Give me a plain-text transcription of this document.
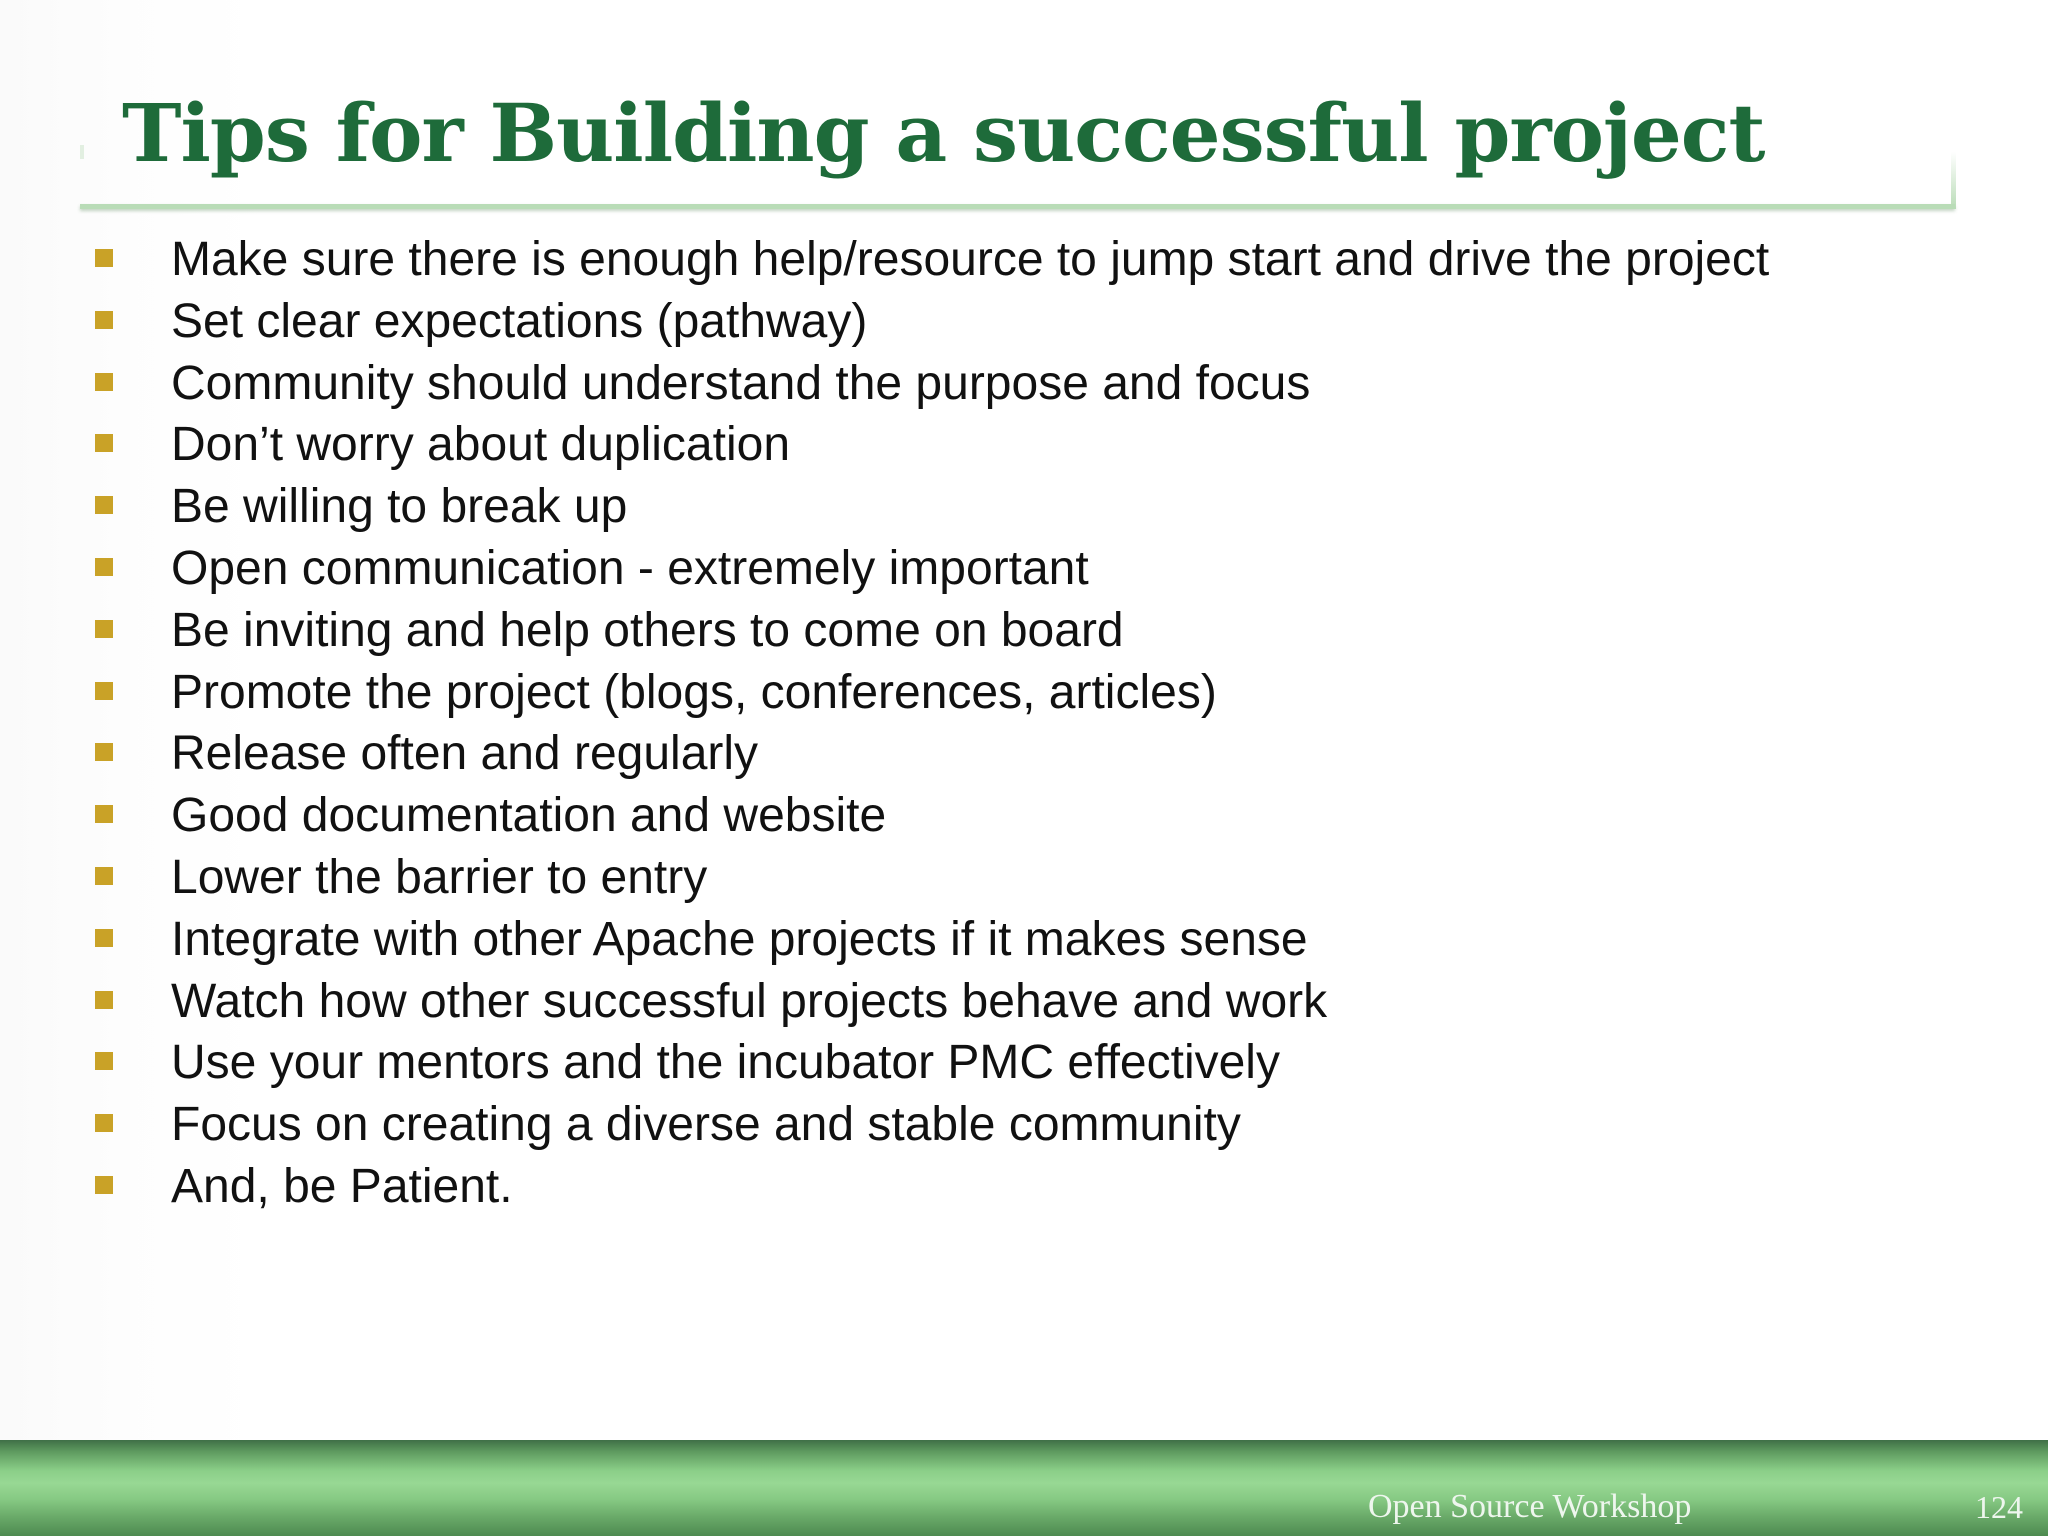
Tips for Building a successful project
Make sure there is enough help/resource to jump start and drive the project
Set clear expectations (pathway)
Community should understand the purpose and focus
Don’t worry about duplication
Be willing to break up
Open communication - extremely important
Be inviting and help others to come on board
Promote the project (blogs, conferences, articles)
Release often and regularly
Good documentation and website
Lower the barrier to entry
Integrate with other Apache projects if it makes sense
Watch how other successful projects behave and work
Use your mentors and the incubator PMC effectively
Focus on creating a diverse and stable community
And, be Patient.
Open Source Workshop	124
